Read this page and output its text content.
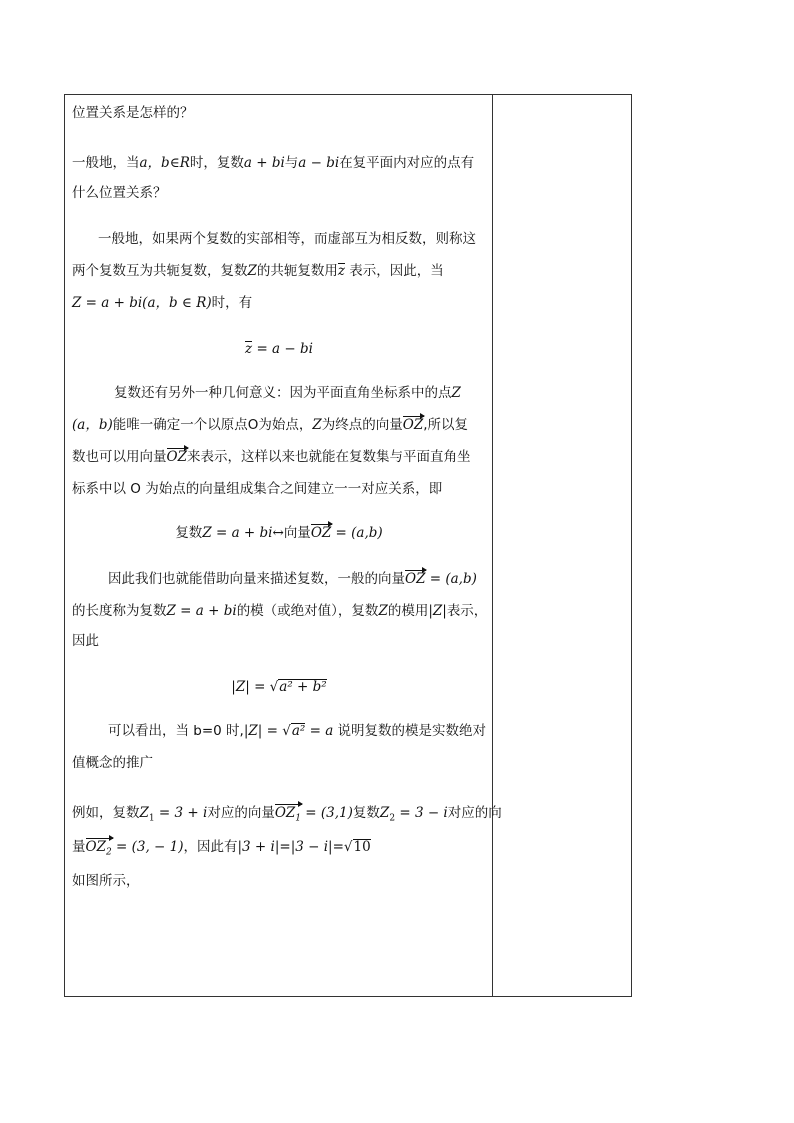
位置关系是怎样的？
一般地，当a，b∈R时，复数a + bi与a − bi在复平面内对应的点有
什么位置关系？
一般地，如果两个复数的实部相等，而虚部互为相反数，则称这
两个复数互为共轭复数，复数Z的共轭复数用z 表示，因此，当
Z = a + bi(a，b ∈ R)时，有
z = a − bi
复数还有另外一种几何意义：因为平面直角坐标系中的点Z
(a，b)能唯一确定一个以原点O为始点，Z为终点的向量OZ,所以复
数也可以用向量OZ来表示，这样以来也就能在复数集与平面直角坐
标系中以 O 为始点的向量组成集合之间建立一一对应关系，即
复数Z = a + bi↔向量OZ = (a,b)
因此我们也就能借助向量来描述复数，一般的向量OZ = (a,b)
的长度称为复数Z = a + bi的模（或绝对值），复数Z的模用|Z|表示，
因此
|Z| = √a² + b²
可以看出，当 b=0 时,|Z| = √a² = a 说明复数的模是实数绝对
值概念的推广
例如，复数$Z_1 = 3 + i$对应的向量$OZ_1 = (3,1)$复数$Z_2 = 3 - i$对应的向
量$OZ_2 = (3$, − 1)，因此有|3 + i|=|3 − i|=√10
如图所示，
